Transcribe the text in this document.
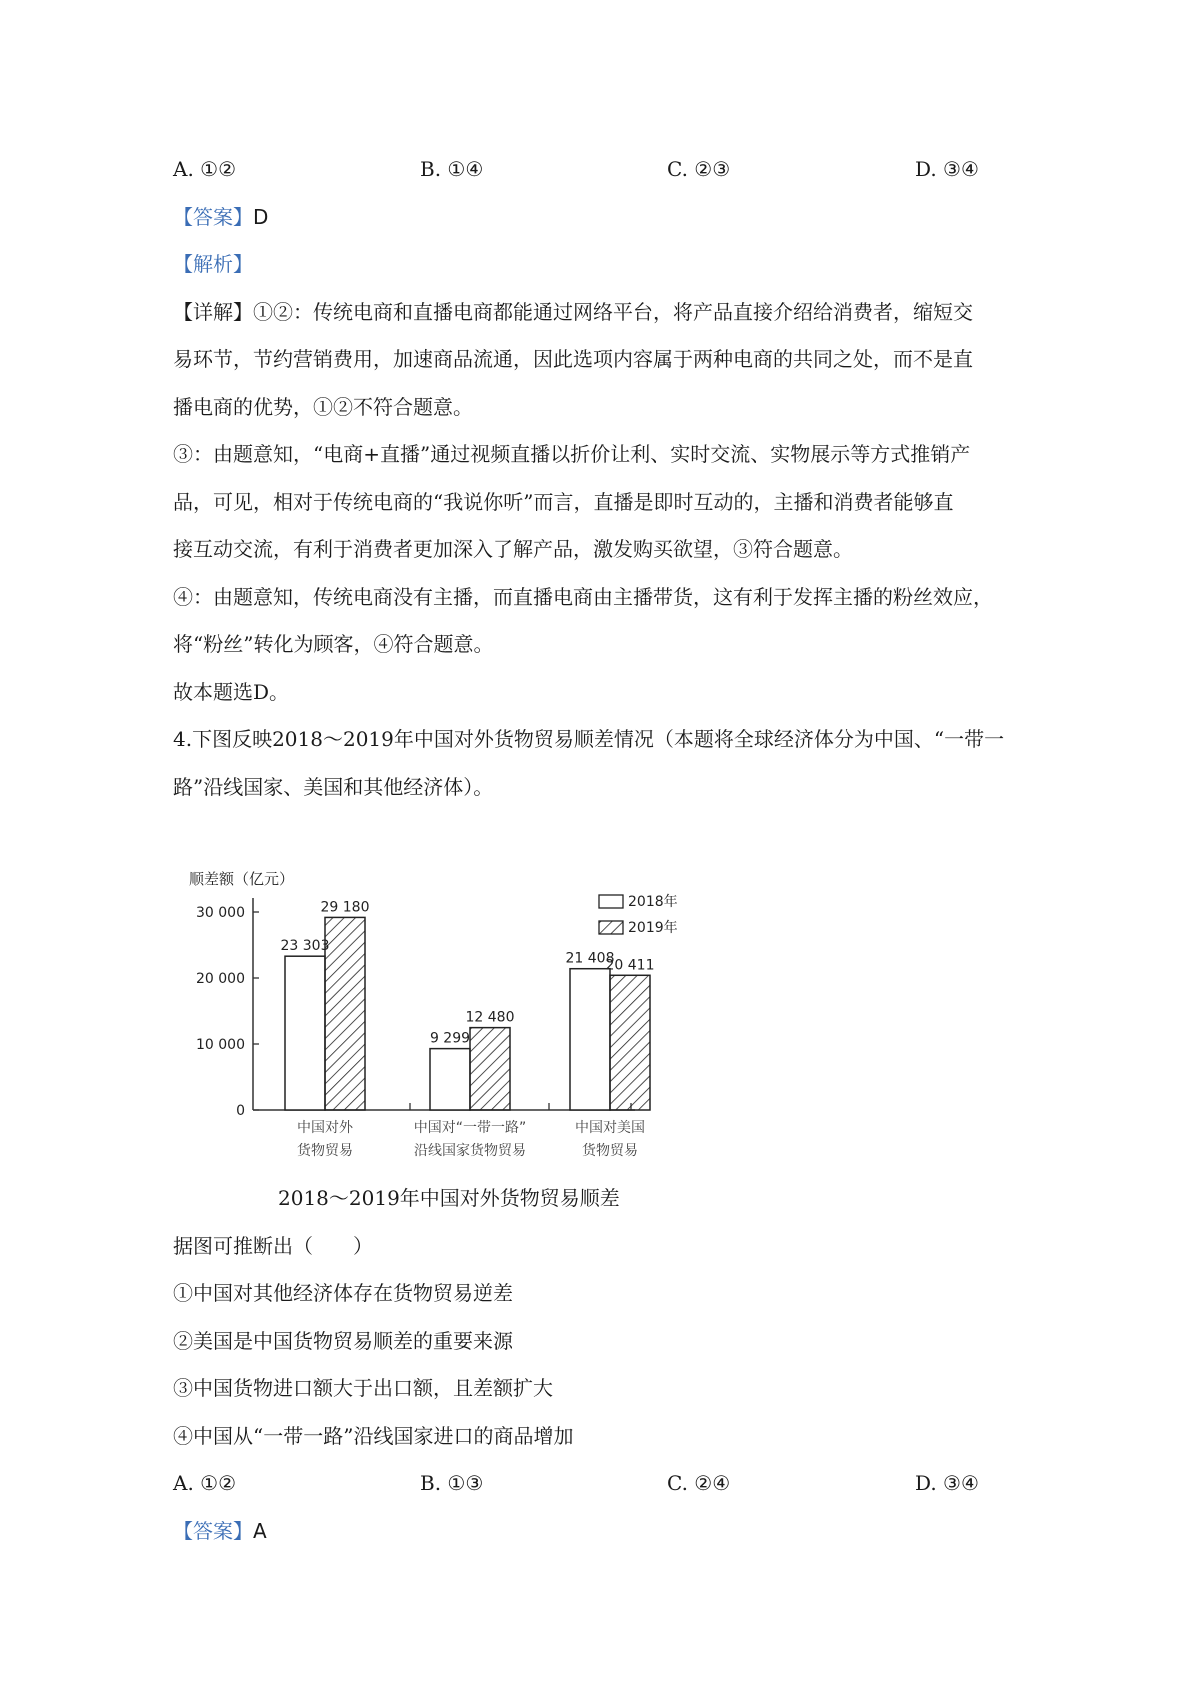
A. ①②	B. ①④	C. ②③	D. ③④
【答案】D
【解析】
【详解】①②：传统电商和直播电商都能通过网络平台，将产品直接介绍给消费者，缩短交
易环节，节约营销费用，加速商品流通，因此选项内容属于两种电商的共同之处，而不是直
播电商的优势，①②不符合题意。
③：由题意知，“电商+直播”通过视频直播以折价让利、实时交流、实物展示等方式推销产
品，可见，相对于传统电商的“我说你听”而言，直播是即时互动的，主播和消费者能够直
接互动交流，有利于消费者更加深入了解产品，激发购买欲望，③符合题意。
④：由题意知，传统电商没有主播，而直播电商由主播带货，这有利于发挥主播的粉丝效应，
将“粉丝”转化为顾客，④符合题意。
故本题选D。
4.下图反映2018～2019年中国对外货物贸易顺差情况（本题将全球经济体分为中国、“一带一
路”沿线国家、美国和其他经济体）。
顺差额（亿元）
0
10 000
20 000
30 000
23 303
9 299
21 408
29 180
12 480
20 411
中国对外
货物贸易
中国对“一带一路”
沿线国家货物贸易
中国对美国
货物贸易
2018年
2019年
2018～2019年中国对外货物贸易顺差
据图可推断出（　　）
①中国对其他经济体存在货物贸易逆差
②美国是中国货物贸易顺差的重要来源
③中国货物进口额大于出口额，且差额扩大
④中国从“一带一路”沿线国家进口的商品增加
A. ①②	B. ①③	C. ②④	D. ③④
【答案】A
